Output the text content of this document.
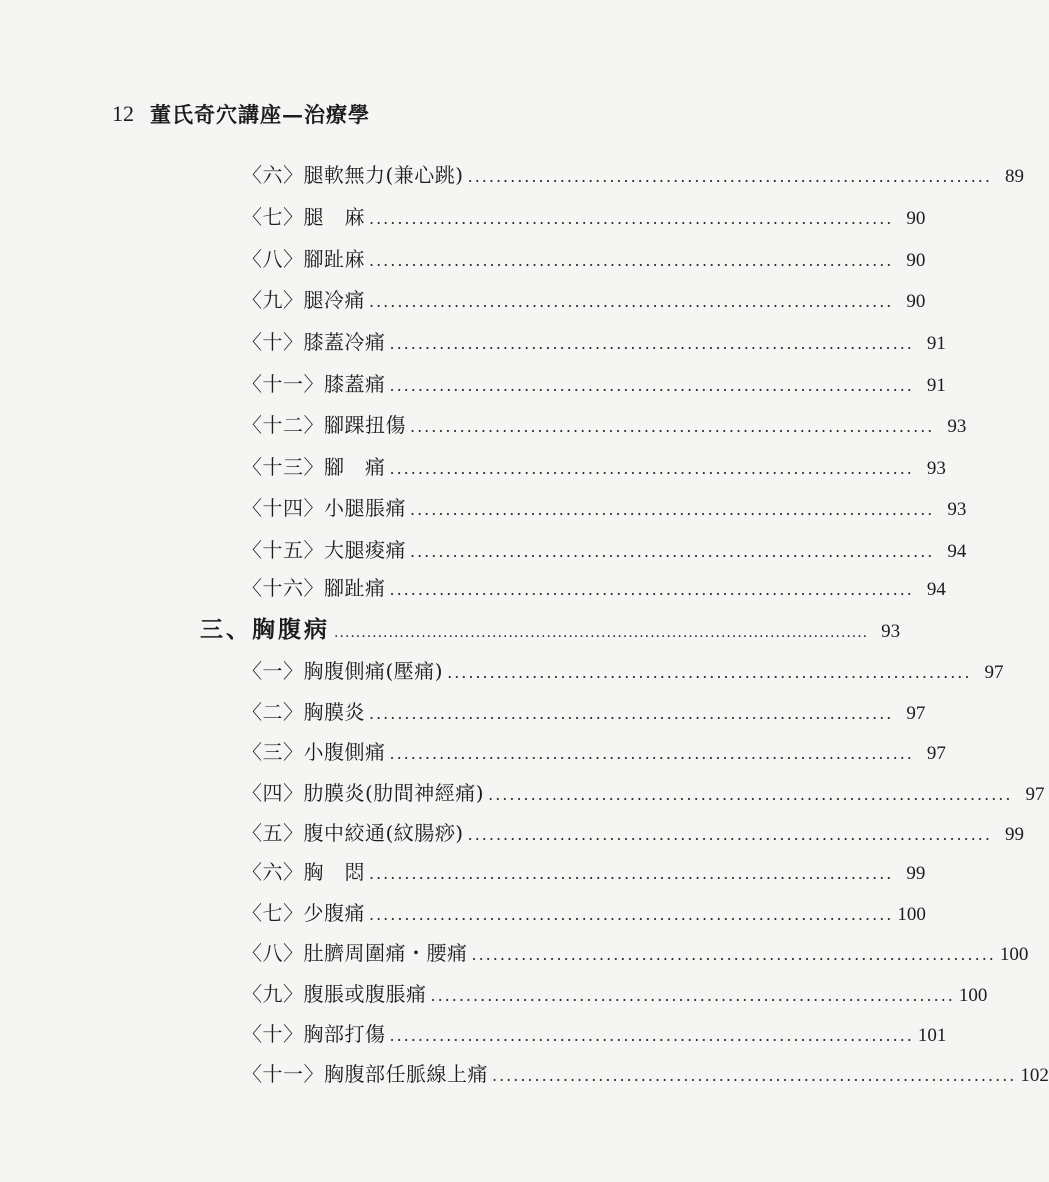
12 董氏奇穴講座—治療學
〈六〉腿軟無力(兼心跳) .......................................................................... 89
〈七〉腿　麻 .......................................................................... 90
〈八〉腳趾麻 .......................................................................... 90
〈九〉腿冷痛 .......................................................................... 90
〈十〉膝蓋冷痛 .......................................................................... 91
〈十一〉膝蓋痛 .......................................................................... 91
〈十二〉腳踝扭傷 .......................................................................... 93
〈十三〉腳　痛 .......................................................................... 93
〈十四〉小腿脹痛 .......................................................................... 93
〈十五〉大腿痠痛 .......................................................................... 94
〈十六〉腳趾痛 .......................................................................... 94
三、胸腹病 .................................................................................................. 93
〈一〉胸腹側痛(壓痛) .......................................................................... 97
〈二〉胸膜炎 .......................................................................... 97
〈三〉小腹側痛 .......................................................................... 97
〈四〉肋膜炎(肋間神經痛) .......................................................................... 97
〈五〉腹中絞通(紋腸痧) .......................................................................... 99
〈六〉胸　悶 .......................................................................... 99
〈七〉少腹痛 .......................................................................... 100
〈八〉肚臍周圍痛・腰痛 .......................................................................... 100
〈九〉腹脹或腹脹痛 .......................................................................... 100
〈十〉胸部打傷 .......................................................................... 101
〈十一〉胸腹部任脈線上痛 .......................................................................... 102
